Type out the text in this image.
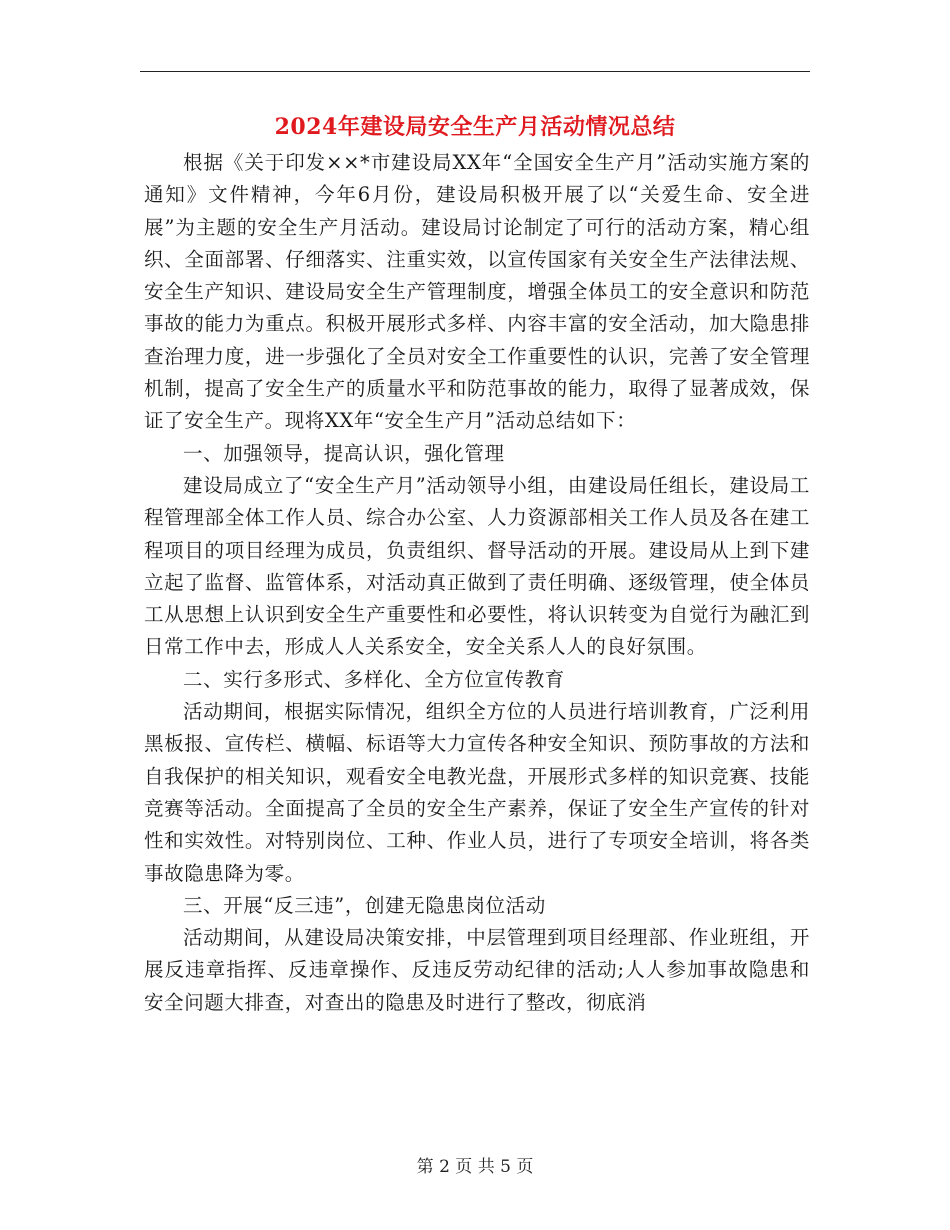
2024年建设局安全生产月活动情况总结

根据《关于印发××*市建设局XX年“全国安全生产月”活动实施方案的通知》文件精神，今年6月份，建设局积极开展了以“关爱生命、安全进展”为主题的安全生产月活动。建设局讨论制定了可行的活动方案，精心组织、全面部署、仔细落实、注重实效，以宣传国家有关安全生产法律法规、安全生产知识、建设局安全生产管理制度，增强全体员工的安全意识和防范事故的能力为重点。积极开展形式多样、内容丰富的安全活动，加大隐患排查治理力度，进一步强化了全员对安全工作重要性的认识，完善了安全管理机制，提高了安全生产的质量水平和防范事故的能力，取得了显著成效，保证了安全生产。现将XX年“安全生产月”活动总结如下：

一、加强领导，提高认识，强化管理

建设局成立了“安全生产月”活动领导小组，由建设局任组长，建设局工程管理部全体工作人员、综合办公室、人力资源部相关工作人员及各在建工程项目的项目经理为成员，负责组织、督导活动的开展。建设局从上到下建立起了监督、监管体系，对活动真正做到了责任明确、逐级管理，使全体员工从思想上认识到安全生产重要性和必要性，将认识转变为自觉行为融汇到日常工作中去，形成人人关系安全，安全关系人人的良好氛围。

二、实行多形式、多样化、全方位宣传教育

活动期间，根据实际情况，组织全方位的人员进行培训教育，广泛利用黑板报、宣传栏、横幅、标语等大力宣传各种安全知识、预防事故的方法和自我保护的相关知识，观看安全电教光盘，开展形式多样的知识竞赛、技能竞赛等活动。全面提高了全员的安全生产素养，保证了安全生产宣传的针对性和实效性。对特别岗位、工种、作业人员，进行了专项安全培训，将各类事故隐患降为零。

三、开展“反三违”，创建无隐患岗位活动

活动期间，从建设局决策安排，中层管理到项目经理部、作业班组，开展反违章指挥、反违章操作、反违反劳动纪律的活动;人人参加事故隐患和安全问题大排查，对查出的隐患及时进行了整改，彻底消

第 2 页 共 5 页
